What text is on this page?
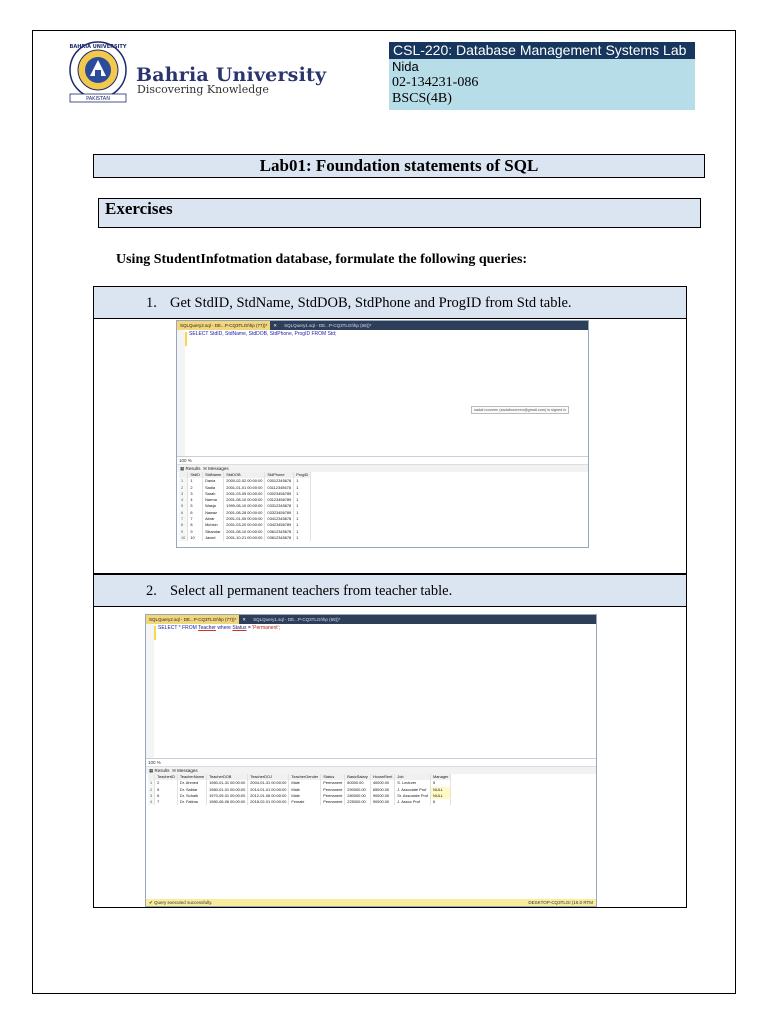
BAHRIA UNIVERSITY
PAKISTAN
Bahria University
Discovering Knowledge
CSL-220: Database Management Systems Lab
Nida
02-134231-086
BSCS(4B)
Lab01: Foundation statements of SQL
Exercises
Using StudentInfotmation database, formulate the following queries:
1. Get StdID, StdName, StdDOB, StdPhone and ProgID from Std table.
SQLQuery2.sql - DE...P-CQ3TLGI\hp (77))*	✕	SQLQuery1.sql - DE...P-CQ3TLGI\hp (68))*
SELECT StdID, StdName, StdDOB, StdPhone, ProgID FROM Std;
sadaf.nooreen (sadafnooreen@gmail.com) is signed in
100 %
▦ Results ✉ Messages
	StdID	StdName	StdDOB	StdPhone	ProgID
1	1	Dania	2000-02-02 00:00:00	03012345678	1
2	2	Sadia	2001-01-01 00:00:00	03112345678	1
3	3	Sarah	2001-03-05 00:00:00	03023456789	1
4	4	Narma	2001-08-10 00:00:00	03123456789	1
5	5	Wasja	1999-08-10 00:00:00	03312345678	1
6	6	Nawaz	2001-08-28 00:00:00	03323456789	1
7	7	Abrar	2001-01-05 00:00:00	03412345678	1
8	8	Mohsin	2001-03-20 00:00:00	03423456789	1
9	9	Sikandar	2001-08-10 00:00:00	03612345678	1
10	10	Javed	2001-10-21 00:00:00	03612345678	1
2. Select all permanent teachers from teacher table.
SQLQuery2.sql - DE...P-CQ3TLGI\hp (77))*	✕	SQLQuery1.sql - DE...P-CQ3TLGI\hp (68))*
SELECT * FROM Teacher where Status = 'Permanent';
100 %
▦ Results ✉ Messages
	TeacherID	TeacherName	TeacherDOB	TeacherDOJ	TeacherGender	Status	BasicSalary	HouseRent	Job	Manager
1	2	Dr. Ahmed	1980-01-31 00:00:00	2004-01-31 00:00:00	Male	Permanent	80000.00	40000.00	S. Lecturer	5
2	5	Dr. Sabtar	1980-01-01 00:00:00	2014-01-01 00:00:00	Male	Permanent	290000.00	65000.00	J. Associate Prof	NULL
3	6	Dr. Sohaib	1970-09-01 00:00:00	2012-01-08 00:00:00	Male	Permanent	280000.00	90000.00	Sr. Associate Prof	NULL
4	7	Dr. Fatima	1980-06-06 00:00:00	2018-02-01 00:00:00	Female	Permanent	225000.00	90000.00	J. Assoc Prof	6
✔ Query executed successfully.	DESKTOP-CQ3TLGI (16.0 RTM
